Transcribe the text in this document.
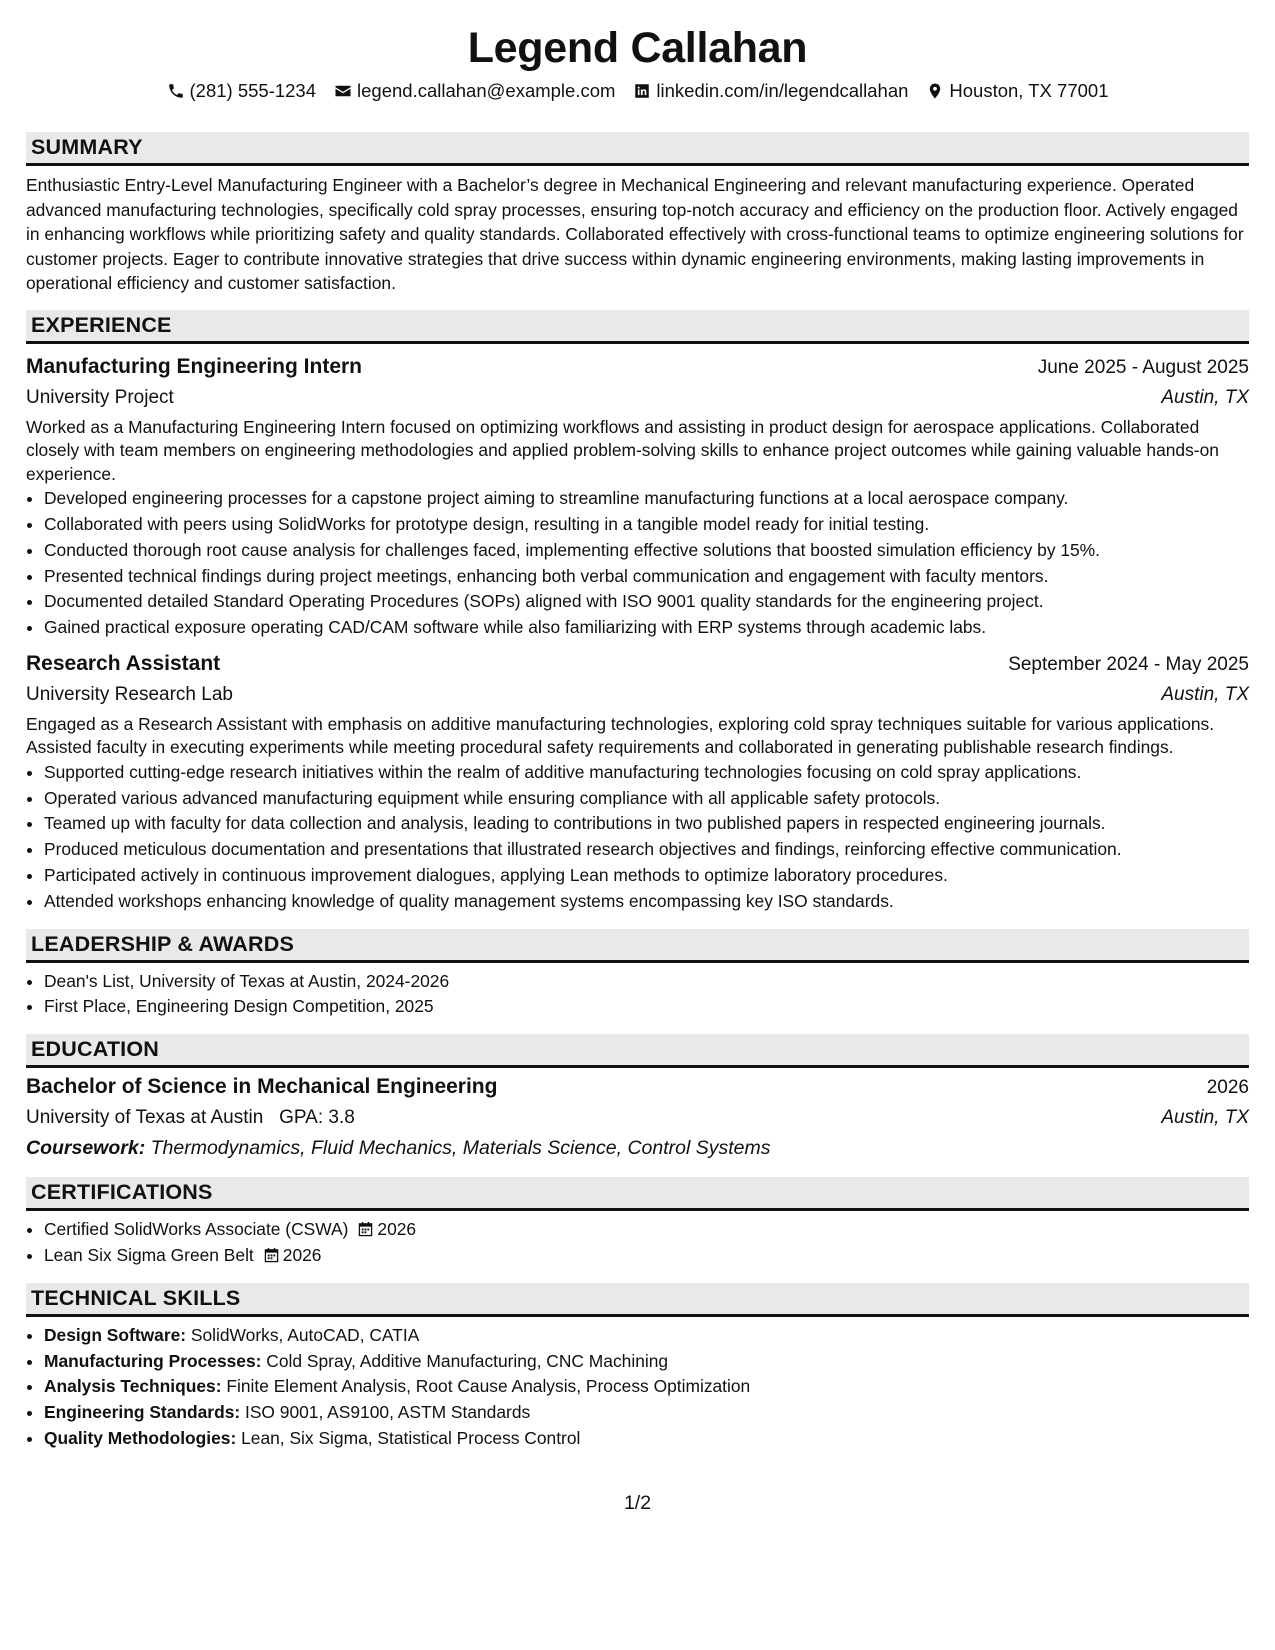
Legend Callahan
(281) 555-1234 legend.callahan@example.com linkedin.com/in/legendcallahan Houston, TX 77001
SUMMARY
Enthusiastic Entry-Level Manufacturing Engineer with a Bachelor’s degree in Mechanical Engineering and relevant manufacturing experience. Operated advanced manufacturing technologies, specifically cold spray processes, ensuring top-notch accuracy and efficiency on the production floor. Actively engaged in enhancing workflows while prioritizing safety and quality standards. Collaborated effectively with cross-functional teams to optimize engineering solutions for customer projects. Eager to contribute innovative strategies that drive success within dynamic engineering environments, making lasting improvements in operational efficiency and customer satisfaction.
EXPERIENCE
Manufacturing Engineering Intern	June 2025 - August 2025
University Project	Austin, TX
Worked as a Manufacturing Engineering Intern focused on optimizing workflows and assisting in product design for aerospace applications. Collaborated closely with team members on engineering methodologies and applied problem-solving skills to enhance project outcomes while gaining valuable hands-on experience.
• Developed engineering processes for a capstone project aiming to streamline manufacturing functions at a local aerospace company.
• Collaborated with peers using SolidWorks for prototype design, resulting in a tangible model ready for initial testing.
• Conducted thorough root cause analysis for challenges faced, implementing effective solutions that boosted simulation efficiency by 15%.
• Presented technical findings during project meetings, enhancing both verbal communication and engagement with faculty mentors.
• Documented detailed Standard Operating Procedures (SOPs) aligned with ISO 9001 quality standards for the engineering project.
• Gained practical exposure operating CAD/CAM software while also familiarizing with ERP systems through academic labs.
Research Assistant	September 2024 - May 2025
University Research Lab	Austin, TX
Engaged as a Research Assistant with emphasis on additive manufacturing technologies, exploring cold spray techniques suitable for various applications. Assisted faculty in executing experiments while meeting procedural safety requirements and collaborated in generating publishable research findings.
• Supported cutting-edge research initiatives within the realm of additive manufacturing technologies focusing on cold spray applications.
• Operated various advanced manufacturing equipment while ensuring compliance with all applicable safety protocols.
• Teamed up with faculty for data collection and analysis, leading to contributions in two published papers in respected engineering journals.
• Produced meticulous documentation and presentations that illustrated research objectives and findings, reinforcing effective communication.
• Participated actively in continuous improvement dialogues, applying Lean methods to optimize laboratory procedures.
• Attended workshops enhancing knowledge of quality management systems encompassing key ISO standards.
LEADERSHIP & AWARDS
• Dean's List, University of Texas at Austin, 2024-2026
• First Place, Engineering Design Competition, 2025
EDUCATION
Bachelor of Science in Mechanical Engineering	2026
University of Texas at Austin GPA: 3.8	Austin, TX
Coursework: Thermodynamics, Fluid Mechanics, Materials Science, Control Systems
CERTIFICATIONS
• Certified SolidWorks Associate (CSWA) 2026
• Lean Six Sigma Green Belt 2026
TECHNICAL SKILLS
• Design Software: SolidWorks, AutoCAD, CATIA
• Manufacturing Processes: Cold Spray, Additive Manufacturing, CNC Machining
• Analysis Techniques: Finite Element Analysis, Root Cause Analysis, Process Optimization
• Engineering Standards: ISO 9001, AS9100, ASTM Standards
• Quality Methodologies: Lean, Six Sigma, Statistical Process Control
1/2
